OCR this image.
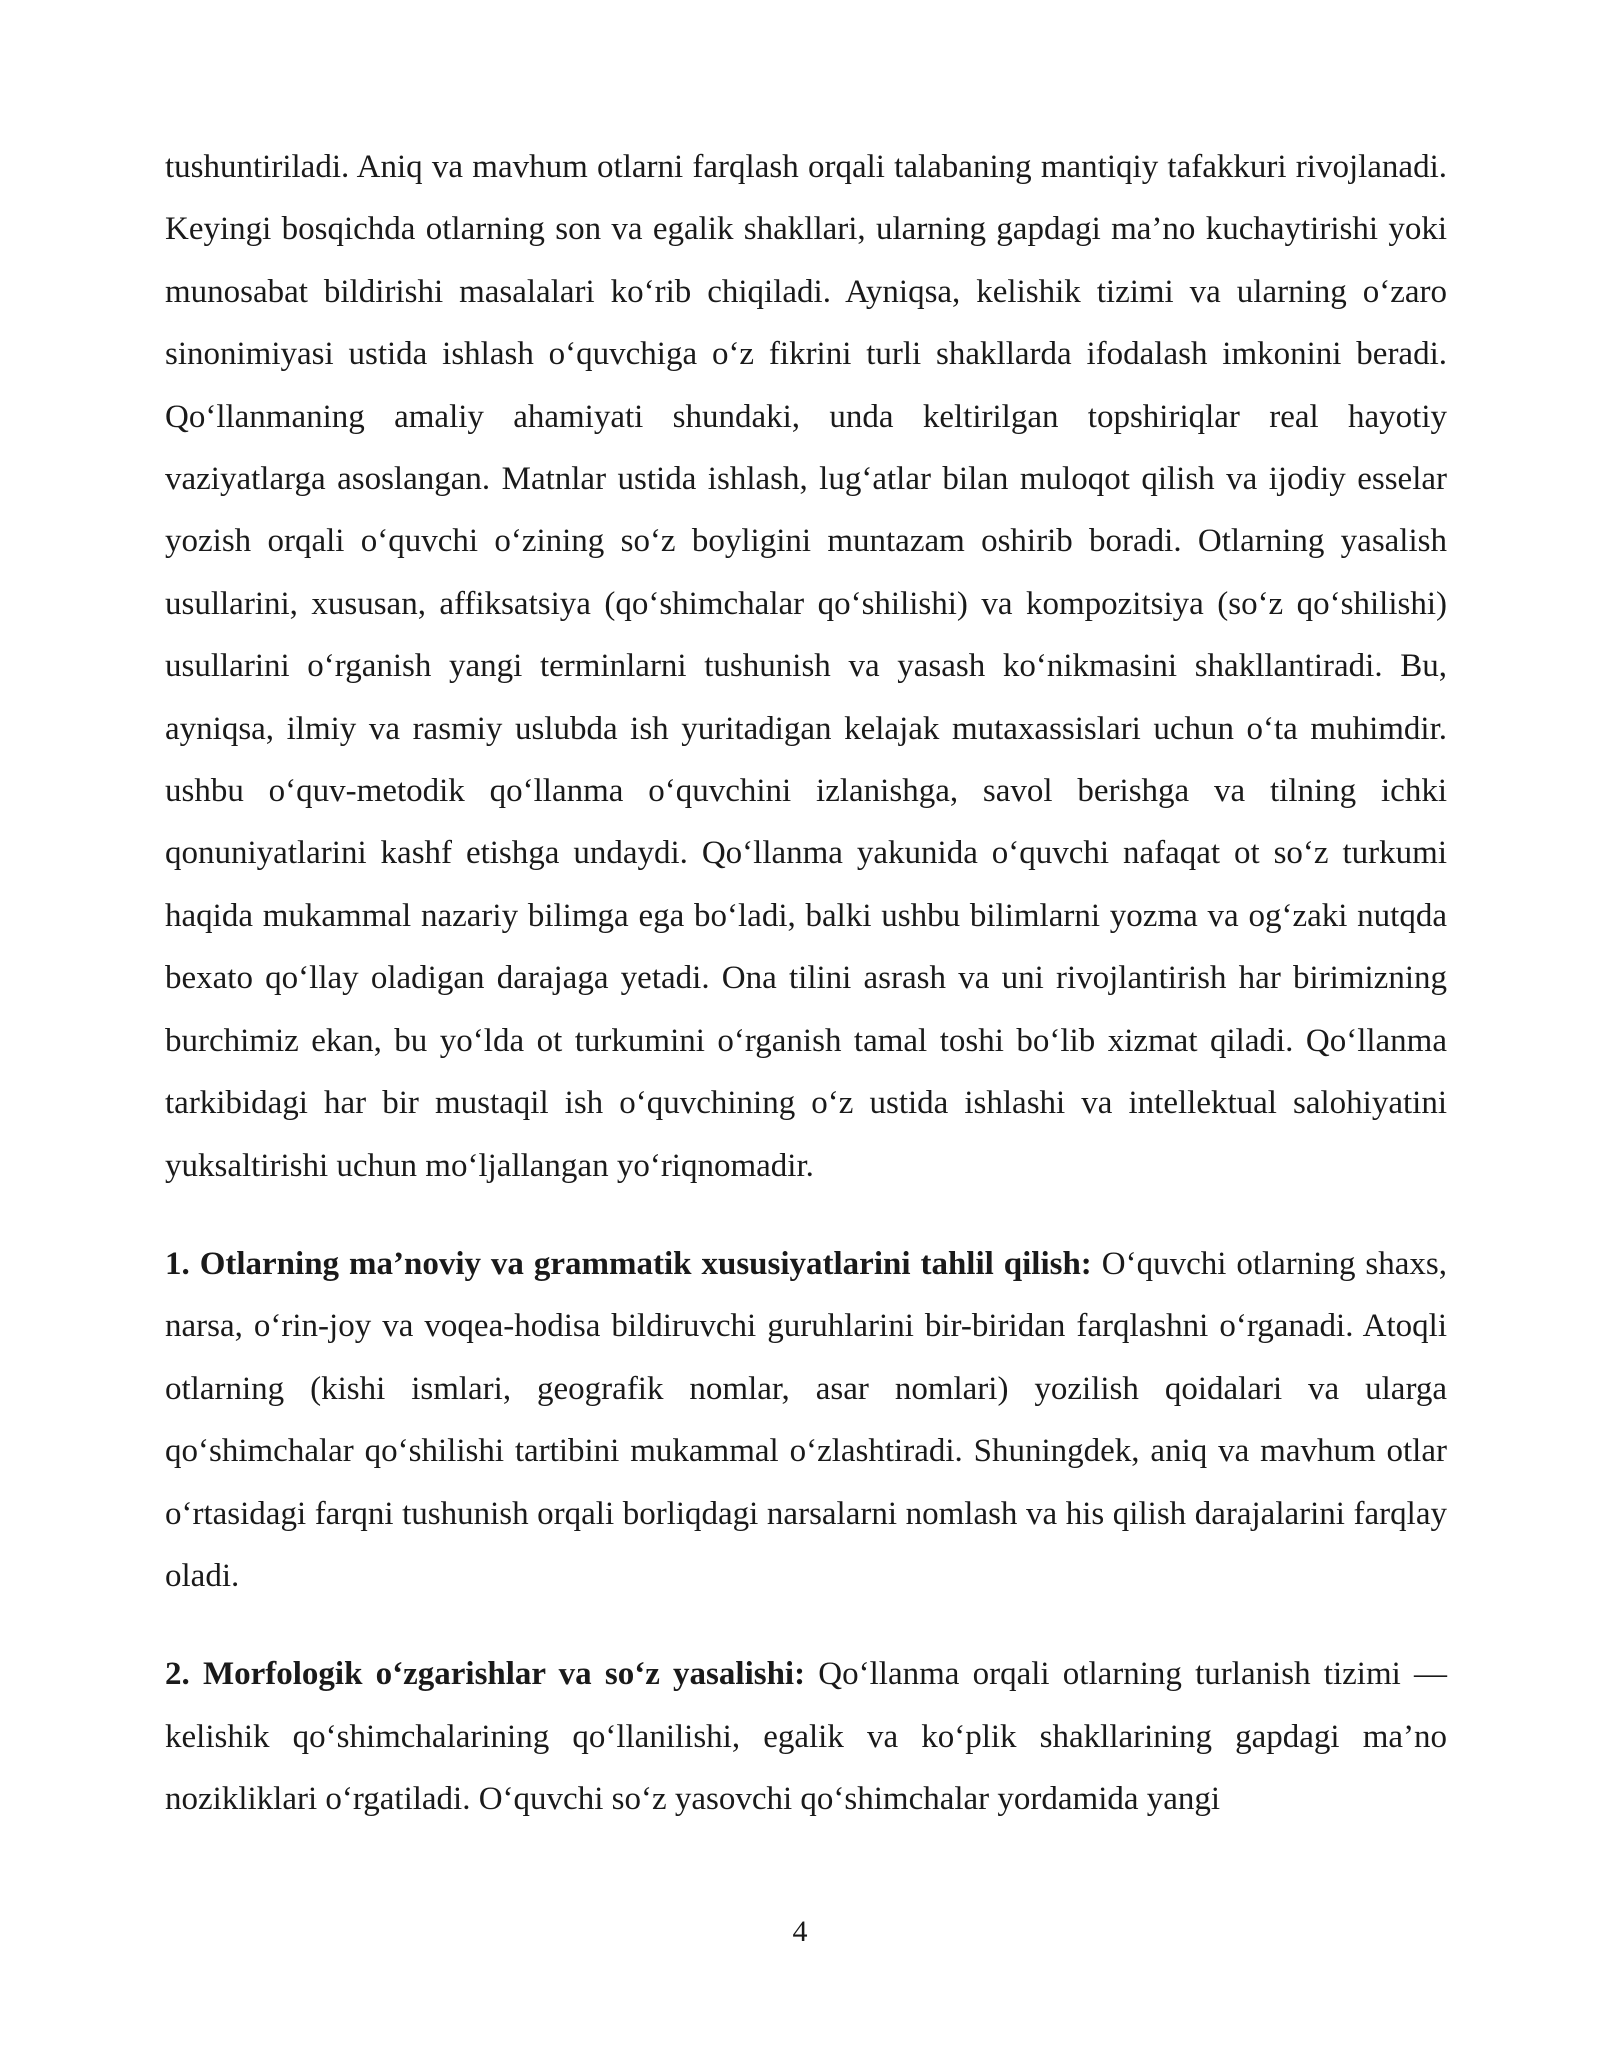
tushuntiriladi. Aniq va mavhum otlarni farqlash orqali talabaning mantiqiy tafakkuri rivojlanadi. Keyingi bosqichda otlarning son va egalik shakllari, ularning gapdagi ma’no kuchaytirishi yoki munosabat bildirishi masalalari ko‘rib chiqiladi. Ayniqsa, kelishik tizimi va ularning o‘zaro sinonimiyasi ustida ishlash o‘quvchiga o‘z fikrini turli shakllarda ifodalash imkonini beradi. Qo‘llanmaning amaliy ahamiyati shundaki, unda keltirilgan topshiriqlar real hayotiy vaziyatlarga asoslangan. Matnlar ustida ishlash, lug‘atlar bilan muloqot qilish va ijodiy esselar yozish orqali o‘quvchi o‘zining so‘z boyligini muntazam oshirib boradi. Otlarning yasalish usullarini, xususan, affiksatsiya (qo‘shimchalar qo‘shilishi) va kompozitsiya (so‘z qo‘shilishi) usullarini o‘rganish yangi terminlarni tushunish va yasash ko‘nikmasini shakllantiradi. Bu, ayniqsa, ilmiy va rasmiy uslubda ish yuritadigan kelajak mutaxassislari uchun o‘ta muhimdir. ushbu o‘quv-metodik qo‘llanma o‘quvchini izlanishga, savol berishga va tilning ichki qonuniyatlarini kashf etishga undaydi. Qo‘llanma yakunida o‘quvchi nafaqat ot so‘z turkumi haqida mukammal nazariy bilimga ega bo‘ladi, balki ushbu bilimlarni yozma va og‘zaki nutqda bexato qo‘llay oladigan darajaga yetadi. Ona tilini asrash va uni rivojlantirish har birimizning burchimiz ekan, bu yo‘lda ot turkumini o‘rganish tamal toshi bo‘lib xizmat qiladi. Qo‘llanma tarkibidagi har bir mustaqil ish o‘quvchining o‘z ustida ishlashi va intellektual salohiyatini yuksaltirishi uchun mo‘ljallangan yo‘riqnomadir.

1. Otlarning ma’noviy va grammatik xususiyatlarini tahlil qilish: O‘quvchi otlarning shaxs, narsa, o‘rin-joy va voqea-hodisa bildiruvchi guruhlarini bir-biridan farqlashni o‘rganadi. Atoqli otlarning (kishi ismlari, geografik nomlar, asar nomlari) yozilish qoidalari va ularga qo‘shimchalar qo‘shilishi tartibini mukammal o‘zlashtiradi. Shuningdek, aniq va mavhum otlar o‘rtasidagi farqni tushunish orqali borliqdagi narsalarni nomlash va his qilish darajalarini farqlay oladi.

2. Morfologik o‘zgarishlar va so‘z yasalishi: Qo‘llanma orqali otlarning turlanish tizimi — kelishik qo‘shimchalarining qo‘llanilishi, egalik va ko‘plik shakllarining gapdagi ma’no nozikliklari o‘rgatiladi. O‘quvchi so‘z yasovchi qo‘shimchalar yordamida yangi

4
